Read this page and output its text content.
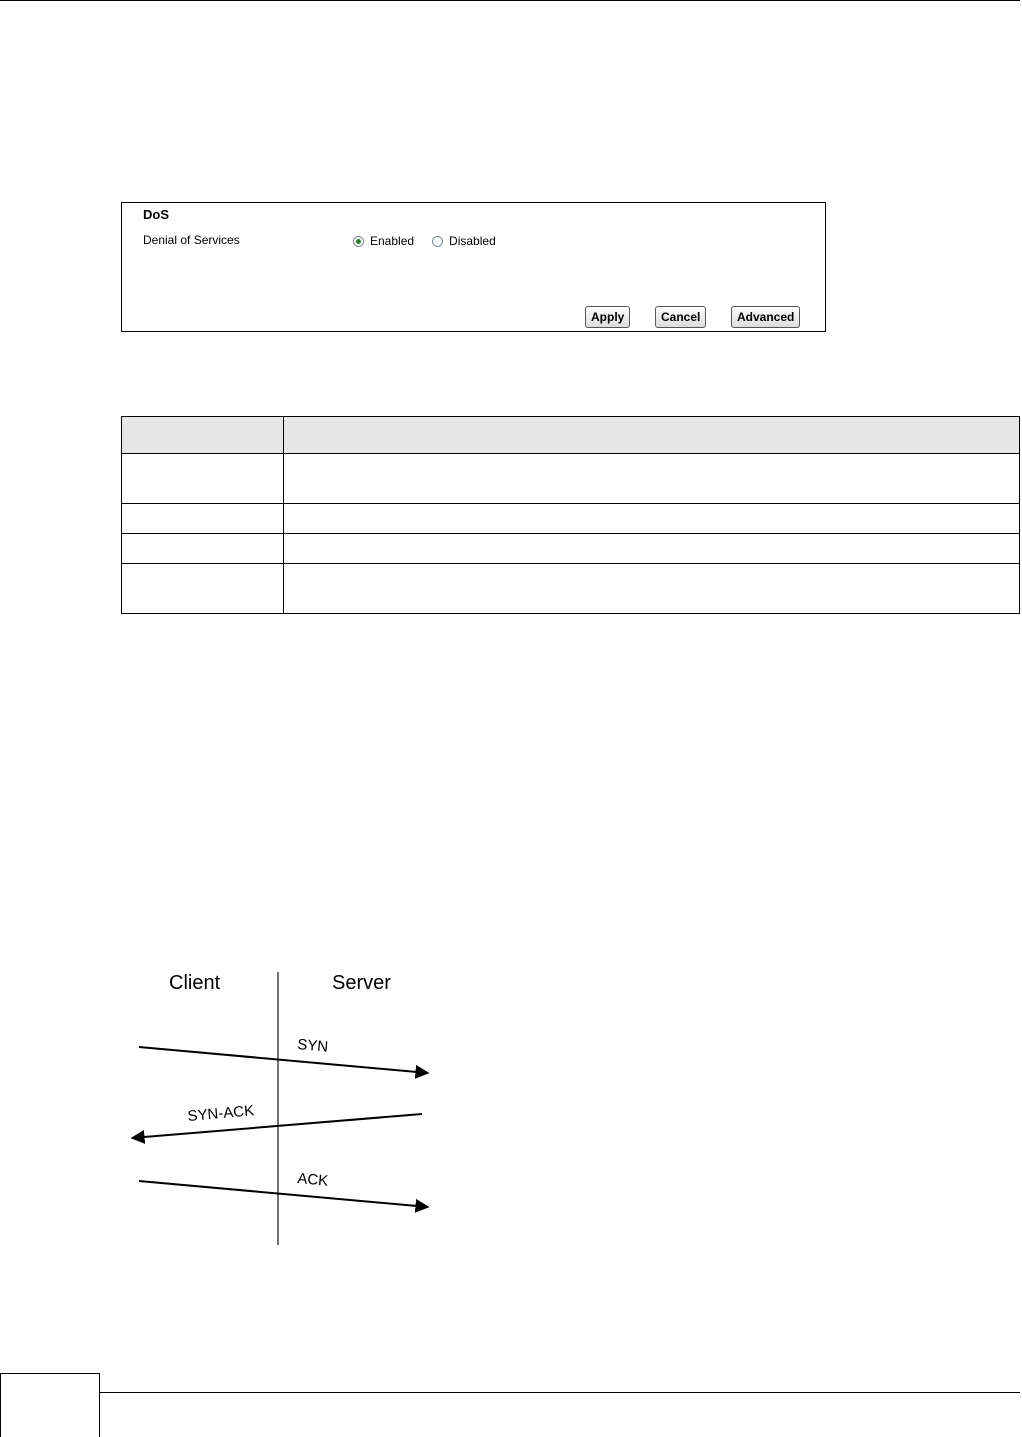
DoS
Denial of Services	Enabled	Disabled
Apply	Cancel	Advanced

Client	Server
SYN
SYN-ACK
ACK
